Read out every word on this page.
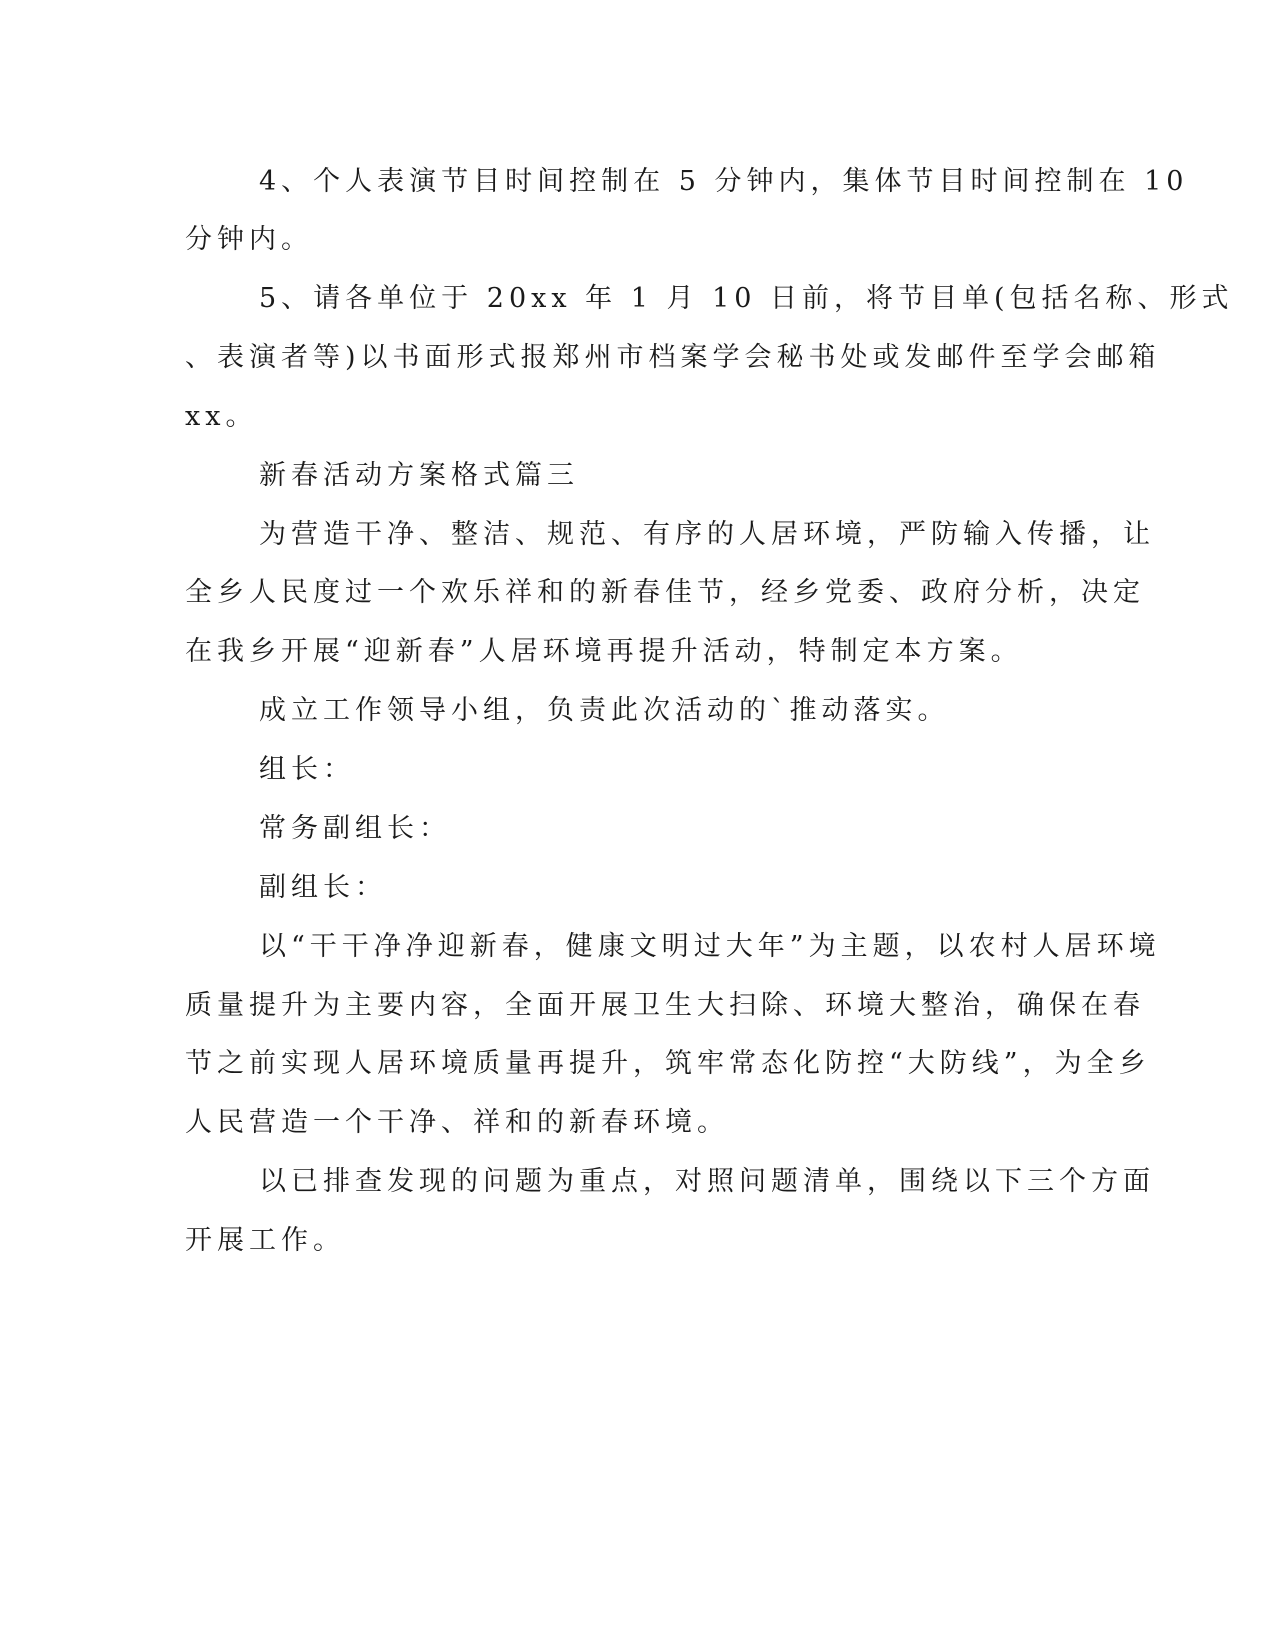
4、个人表演节目时间控制在 5 分钟内，集体节目时间控制在 10
分钟内。
5、请各单位于 20xx 年 1 月 10 日前，将节目单(包括名称、形式
、表演者等)以书面形式报郑州市档案学会秘书处或发邮件至学会邮箱
xx。
新春活动方案格式篇三
为营造干净、整洁、规范、有序的人居环境，严防输入传播，让
全乡人民度过一个欢乐祥和的新春佳节，经乡党委、政府分析，决定
在我乡开展“迎新春”人居环境再提升活动，特制定本方案。
成立工作领导小组，负责此次活动的`推动落实。
组长：
常务副组长：
副组长：
以“干干净净迎新春，健康文明过大年”为主题，以农村人居环境
质量提升为主要内容，全面开展卫生大扫除、环境大整治，确保在春
节之前实现人居环境质量再提升，筑牢常态化防控“大防线”，为全乡
人民营造一个干净、祥和的新春环境。
以已排查发现的问题为重点，对照问题清单，围绕以下三个方面
开展工作。
